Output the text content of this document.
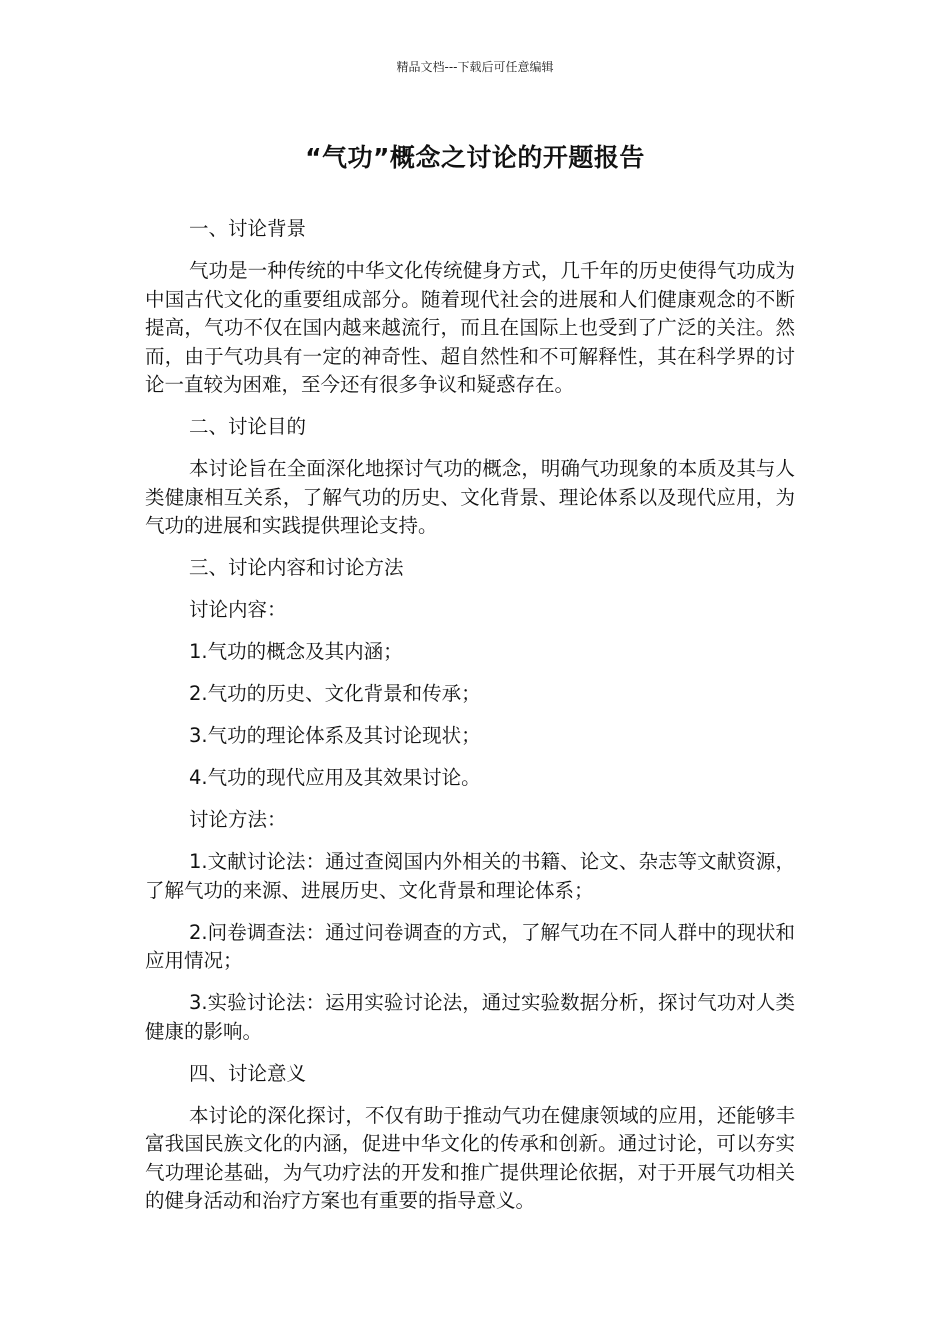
精品文档---下载后可任意编辑
“气功”概念之讨论的开题报告

一、讨论背景

气功是一种传统的中华文化传统健身方式，几千年的历史使得气功成为中国古代文化的重要组成部分。随着现代社会的进展和人们健康观念的不断提高，气功不仅在国内越来越流行，而且在国际上也受到了广泛的关注。然而，由于气功具有一定的神奇性、超自然性和不可解释性，其在科学界的讨论一直较为困难，至今还有很多争议和疑惑存在。

二、讨论目的

本讨论旨在全面深化地探讨气功的概念，明确气功现象的本质及其与人类健康相互关系，了解气功的历史、文化背景、理论体系以及现代应用，为气功的进展和实践提供理论支持。

三、讨论内容和讨论方法

讨论内容：

1.气功的概念及其内涵；

2.气功的历史、文化背景和传承；

3.气功的理论体系及其讨论现状；

4.气功的现代应用及其效果讨论。

讨论方法：

1.文献讨论法：通过查阅国内外相关的书籍、论文、杂志等文献资源，了解气功的来源、进展历史、文化背景和理论体系；

2.问卷调查法：通过问卷调查的方式，了解气功在不同人群中的现状和应用情况；

3.实验讨论法：运用实验讨论法，通过实验数据分析，探讨气功对人类健康的影响。

四、讨论意义

本讨论的深化探讨，不仅有助于推动气功在健康领域的应用，还能够丰富我国民族文化的内涵，促进中华文化的传承和创新。通过讨论，可以夯实气功理论基础，为气功疗法的开发和推广提供理论依据，对于开展气功相关的健身活动和治疗方案也有重要的指导意义。
